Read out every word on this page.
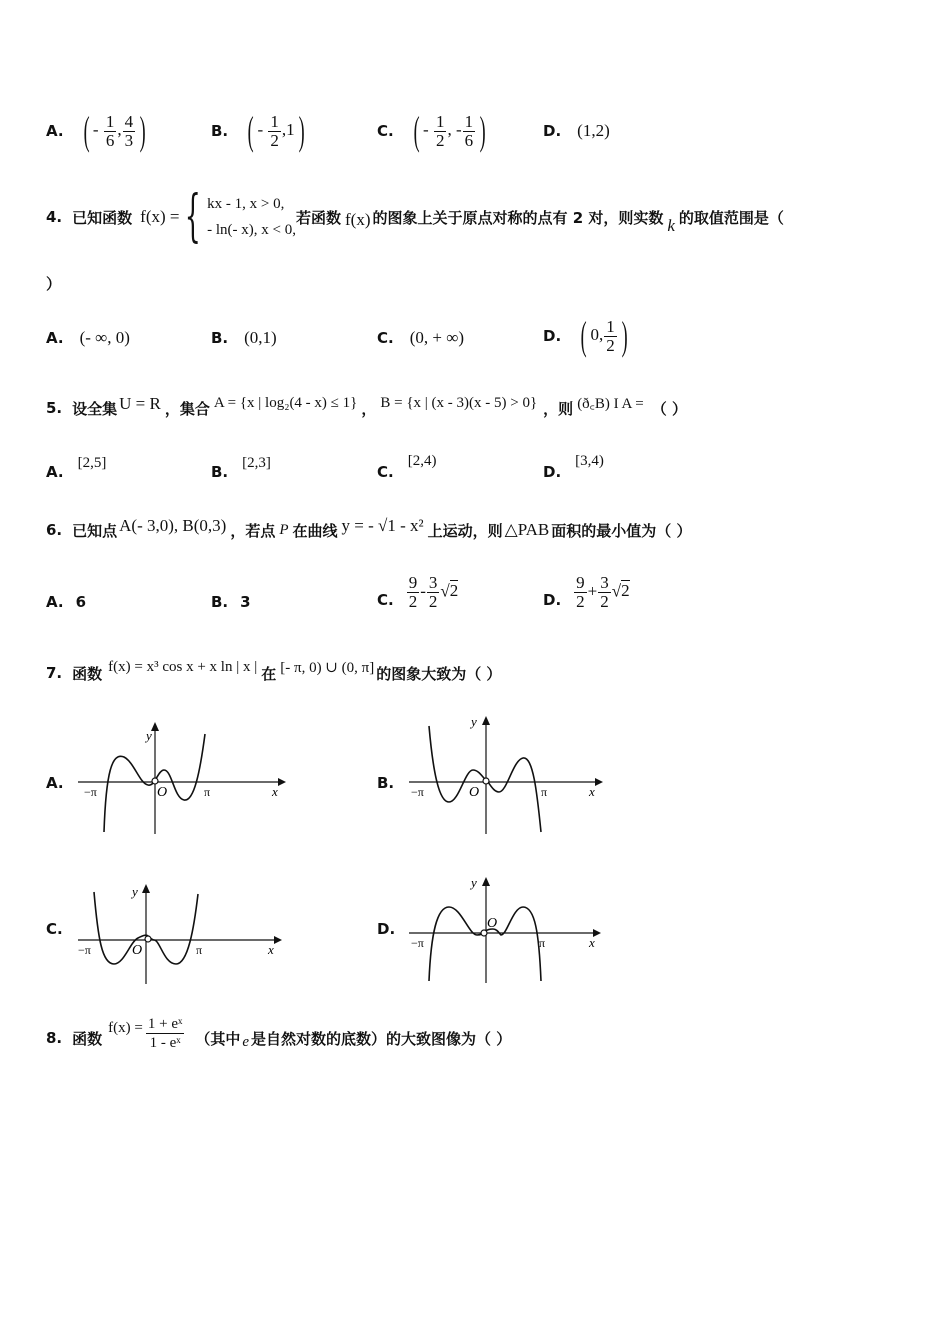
A. ( - $\frac{1}{6}$ , $\frac{4}{3}$ )	B. ( - $\frac{1}{2} ,1$)	C. ( - $\frac{1}{2}$ , - $\frac{1}{6}$ )	D. (1,2)
4. 已知函数 f(x) = { kx - 1, x > 0,
- ln(- x), x < 0,
若函数 f(x) 的图象上关于原点对称的点有 2 对，则实数 k 的取值范围是（
）
A. (- ∞, 0)	B. (0,1)	C. (0, + ∞)	D. ( 0, $\frac{1}{2}$ )
5. 设全集 U = R ，集合 A = {x | log₂(4 - x) ≤ 1} ， B = {x | (x - 3)(x - 5) > 0} ，则 (ð꜀B) I A = （ ）
A.
[2,5]
B.
[2,3]
C.
[2,4)
D.
[3,4)
6. 已知点 A(- 3,0), B(0,3) ，若点 P 在曲线 y = - √1 - x² 上运动，则 △PAB 面积的最小值为（ ）
A. 6	B. 3	C. $\frac{9}{2} - \frac{3}{2} √2$
D. $\frac{9}{2} + \frac{3}{2} √2$
7. 函数 f(x) = x³ cos x + x ln | x | 在 [- π, 0) ∪ (0, π] 的图象大致为（ ）
A.
y
x
O
−π	π	B.
y
x
O
−π	π
C.
y
x
O
−π	π
D.
y
x
O
−π	π
8. 函数
$f(x) = \frac{\text{1 + eˣ}}{\text{1 - eˣ}}$ （其中 e 是自然对数的底数）的大致图像为（ ）
